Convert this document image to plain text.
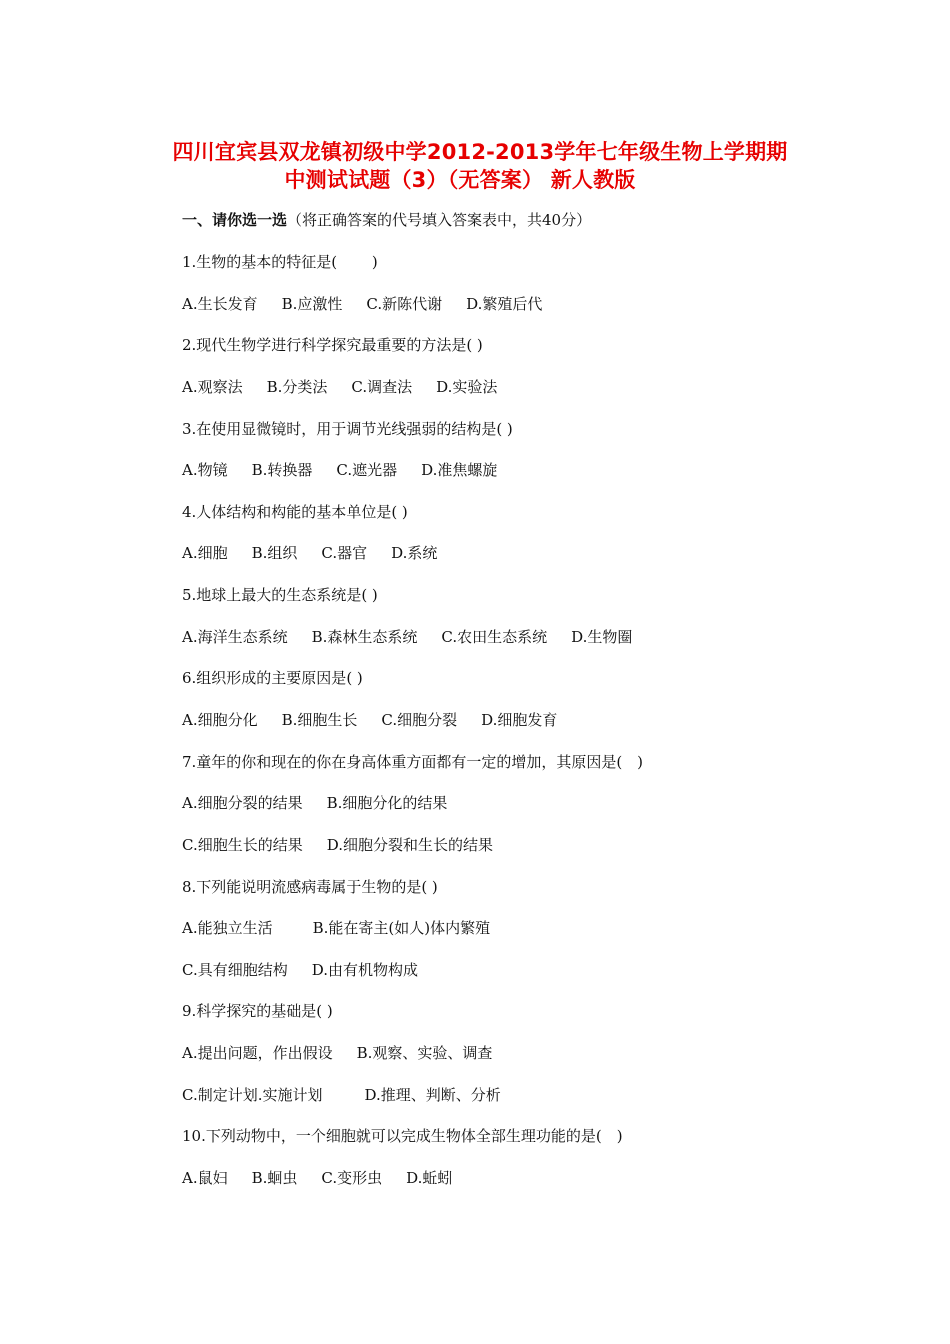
四川宜宾县双龙镇初级中学2012-2013学年七年级生物上学期期
中测试试题（3）（无答案） 新人教版
一、请你选一选（将正确答案的代号填入答案表中，共40分）
1.生物的基本的特征是(　　 )
A.生长发育 B.应激性 C.新陈代谢 D.繁殖后代
2.现代生物学进行科学探究最重要的方法是( )
A.观察法 B.分类法 C.调查法 D.实验法
3.在使用显微镜时，用于调节光线强弱的结构是( )
A.物镜 B.转换器 C.遮光器 D.准焦螺旋
4.人体结构和构能的基本单位是( )
A.细胞 B.组织 C.器官 D.系统
5.地球上最大的生态系统是( )
A.海洋生态系统 B.森林生态系统 C.农田生态系统 D.生物圈
6.组织形成的主要原因是( )
A.细胞分化 B.细胞生长 C.细胞分裂 D.细胞发育
7.童年的你和现在的你在身高体重方面都有一定的增加，其原因是(　)
A.细胞分裂的结果 B.细胞分化的结果
C.细胞生长的结果 D.细胞分裂和生长的结果
8.下列能说明流感病毒属于生物的是( )
A.能独立生活	B.能在寄主(如人)体内繁殖
C.具有细胞结构 D.由有机物构成
9.科学探究的基础是( )
A.提出问题，作出假设 B.观察、实验、调查
C.制定计划.实施计划	D.推理、判断、分析
10.下列动物中，一个细胞就可以完成生物体全部生理功能的是(　)
A.鼠妇 B.蛔虫 C.变形虫 D.蚯蚓
